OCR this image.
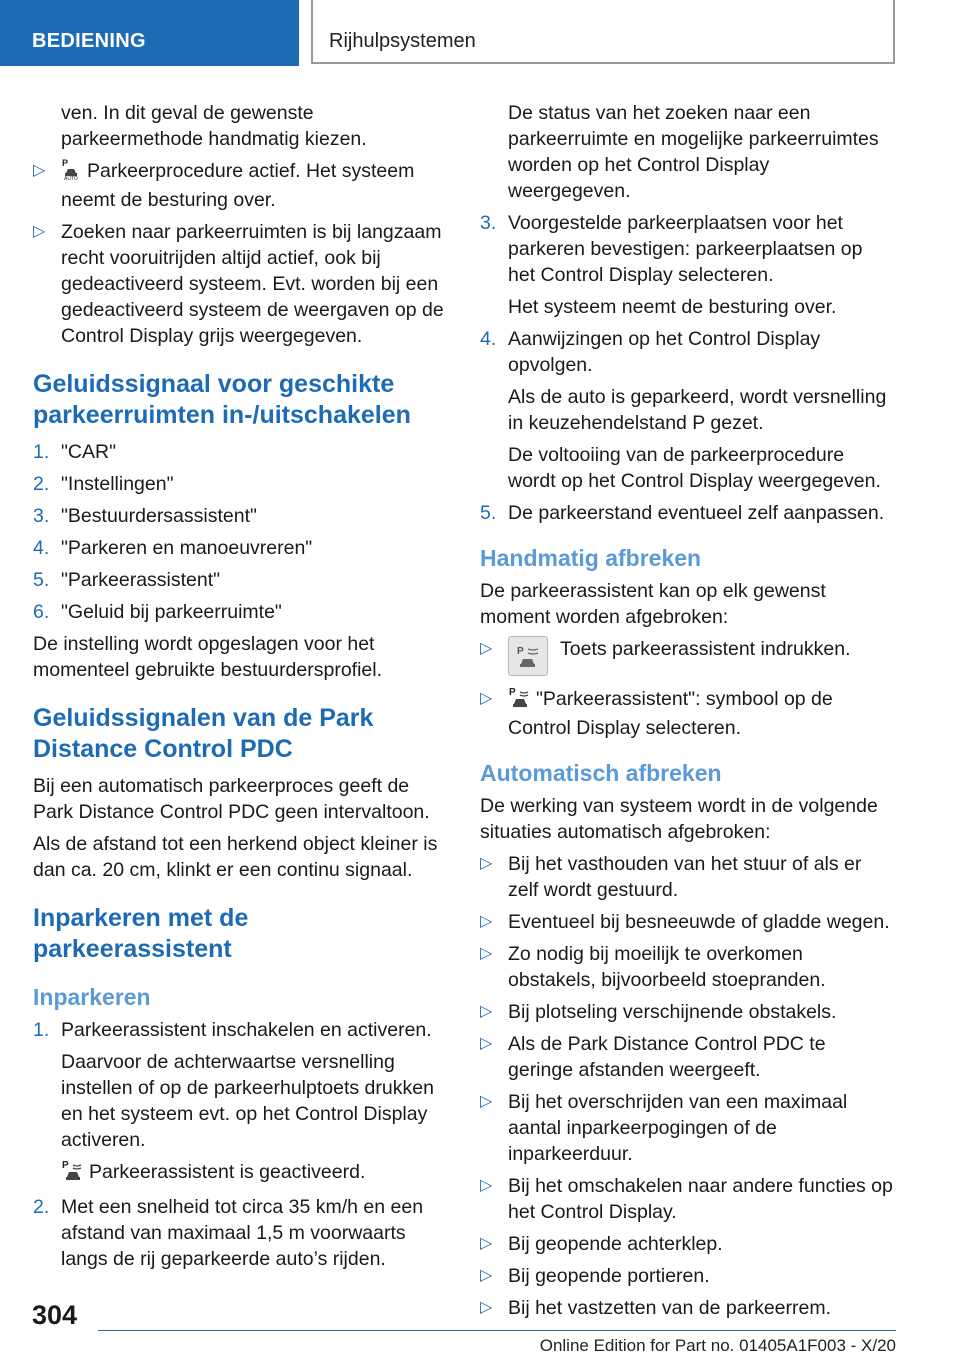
BEDIENING	Rijhulpsystemen

ven. In dit geval de gewenste parkeermethode handmatig kiezen.

▷ P
AUTO Parkeerprocedure actief. Het systeem neemt de besturing over.
▷ Zoeken naar parkeerruimten is bij langzaam recht vooruitrijden altijd actief, ook bij gedeactiveerd systeem. Evt. worden bij een gedeactiveerd systeem de weergaven op de Control Display grijs weergegeven.
Geluidssignaal voor geschikte parkeerruimten in-/uitschakelen
1. "CAR"
2. "Instellingen"
3. "Bestuurdersassistent"
4. "Parkeren en manoeuvreren"
5. "Parkeerassistent"
6. "Geluid bij parkeerruimte"

De instelling wordt opgeslagen voor het momenteel gebruikte bestuurdersprofiel.

Geluidssignalen van de Park Distance Control PDC

Bij een automatisch parkeerproces geeft de Park Distance Control PDC geen intervaltoon.

Als de afstand tot een herkend object kleiner is dan ca. 20 cm, klinkt er een continu signaal.

Inparkeren met de parkeerassistent
Inparkeren
1. Parkeerassistent inschakelen en activeren.

Daarvoor de achterwaartse versnelling instellen of op de parkeerhulptoets drukken en het systeem evt. op het Control Display activeren.

P Parkeerassistent is geactiveerd.

2. Met een snelheid tot circa 35 km/h en een afstand van maximaal 1,5 m voorwaarts langs de rij geparkeerde auto’s rijden.

De status van het zoeken naar een parkeerruimte en mogelijke parkeerruimtes worden op het Control Display weergegeven.

3. Voorgestelde parkeerplaatsen voor het parkeren bevestigen: parkeerplaatsen op het Control Display selecteren.

Het systeem neemt de besturing over.

4. Aanwijzingen op het Control Display opvolgen.

Als de auto is geparkeerd, wordt versnelling in keuzehendelstand P gezet.

De voltooiing van de parkeerprocedure wordt op het Control Display weergegeven.

5. De parkeerstand eventueel zelf aanpassen.
Handmatig afbreken

De parkeerassistent kan op elk gewenst moment worden afgebroken:

▷ P Toets parkeerassistent indrukken.
▷ P "Parkeerassistent": symbool op de Control Display selecteren.
Automatisch afbreken

De werking van systeem wordt in de volgende situaties automatisch afgebroken:

▷ Bij het vasthouden van het stuur of als er zelf wordt gestuurd.
▷ Eventueel bij besneeuwde of gladde wegen.
▷ Zo nodig bij moeilijk te overkomen obstakels, bijvoorbeeld stoepranden.
▷ Bij plotseling verschijnende obstakels.
▷ Als de Park Distance Control PDC te geringe afstanden weergeeft.
▷ Bij het overschrijden van een maximaal aantal inparkeerpogingen of de inparkeerduur.
▷ Bij het omschakelen naar andere functies op het Control Display.
▷ Bij geopende achterklep.
▷ Bij geopende portieren.
▷ Bij het vastzetten van de parkeerrem.
304
Online Edition for Part no. 01405A1F003 - X/20
